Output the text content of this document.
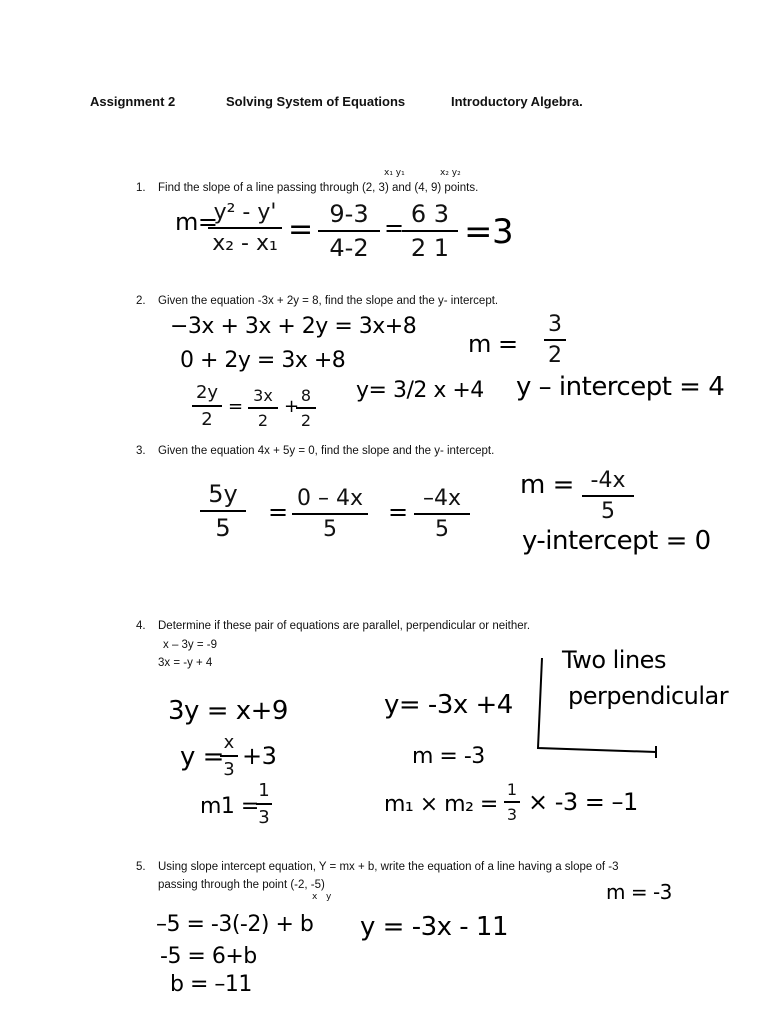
Assignment 2	Solving System of Equations	Introductory Algebra.
1. Find the slope of a line passing through (2, 3) and (4, 9) points.
x₁ y₁	x₂ y₂
m=
y² - y'
x₂ - x₁ = 9-3
4-2
= 6 3
2 1 =3
2. Given the equation -3x + 2y = 8, find the slope and the y- intercept.
−3x + 3x + 2y = 3x+8
0 + 2y = 3x +8
2y
2
=
3x
2
+
8
2
y= 3/2 x +4
m =
3
2
y – intercept = 4
3. Given the equation 4x + 5y = 0, find the slope and the y- intercept.
5y
5
= 0 – 4x
5
= –4x
5
m = -4x
5
y-intercept = 0
4. Determine if these pair of equations are parallel, perpendicular or neither.
x – 3y = -9
3x = -y + 4
3y = x+9
y = x
3 +3
m1 =
1
3
y= -3x +4
m = -3
m₁ × m₂ =
1
3 × -3 = –1
Two lines
perpendicular
5. Using slope intercept equation, Y = mx + b, write the equation of a line having a slope of -3
passing through the point (-2, -5)
x y	m = -3
–5 = -3(-2) + b
-5 = 6+b
b = –11
y = -3x - 11
